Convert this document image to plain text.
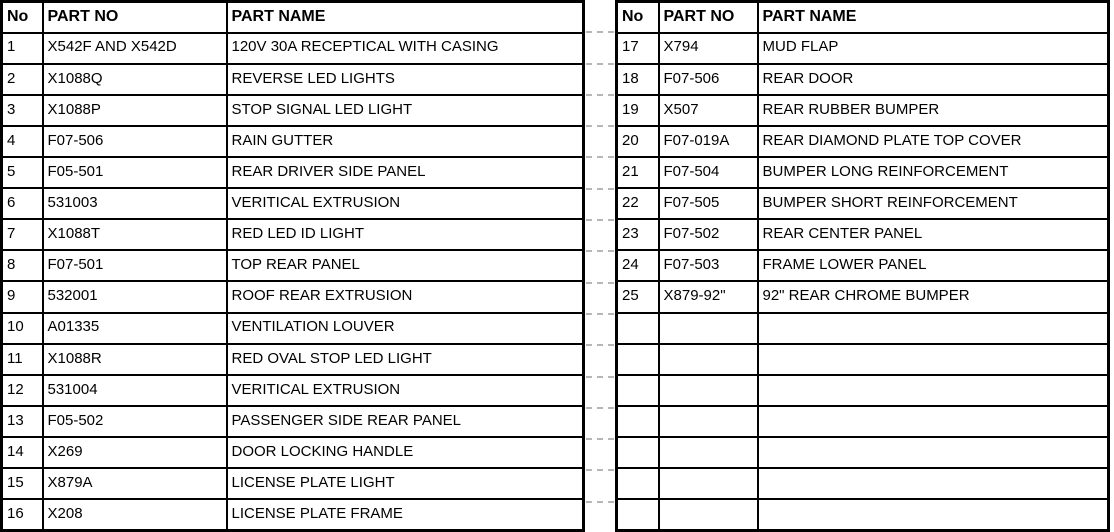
No	PART NO	PART NAME
1	X542F AND X542D	120V 30A RECEPTICAL WITH CASING
2	X1088Q	REVERSE LED LIGHTS
3	X1088P	STOP SIGNAL LED LIGHT
4	F07-506	RAIN GUTTER
5	F05-501	REAR DRIVER SIDE PANEL
6	531003	VERITICAL EXTRUSION
7	X1088T	RED LED ID LIGHT
8	F07-501	TOP REAR PANEL
9	532001	ROOF REAR EXTRUSION
10	A01335	VENTILATION LOUVER
11	X1088R	RED OVAL STOP LED LIGHT
12	531004	VERITICAL EXTRUSION
13	F05-502	PASSENGER SIDE REAR PANEL
14	X269	DOOR LOCKING HANDLE
15	X879A	LICENSE PLATE LIGHT
16	X208	LICENSE PLATE FRAME
No	PART NO	PART NAME
17	X794	MUD FLAP
18	F07-506	REAR DOOR
19	X507	REAR RUBBER BUMPER
20	F07-019A	REAR DIAMOND PLATE TOP COVER
21	F07-504	BUMPER LONG REINFORCEMENT
22	F07-505	BUMPER SHORT REINFORCEMENT
23	F07-502	REAR CENTER PANEL
24	F07-503	FRAME LOWER PANEL
25	X879-92"	92" REAR CHROME BUMPER
